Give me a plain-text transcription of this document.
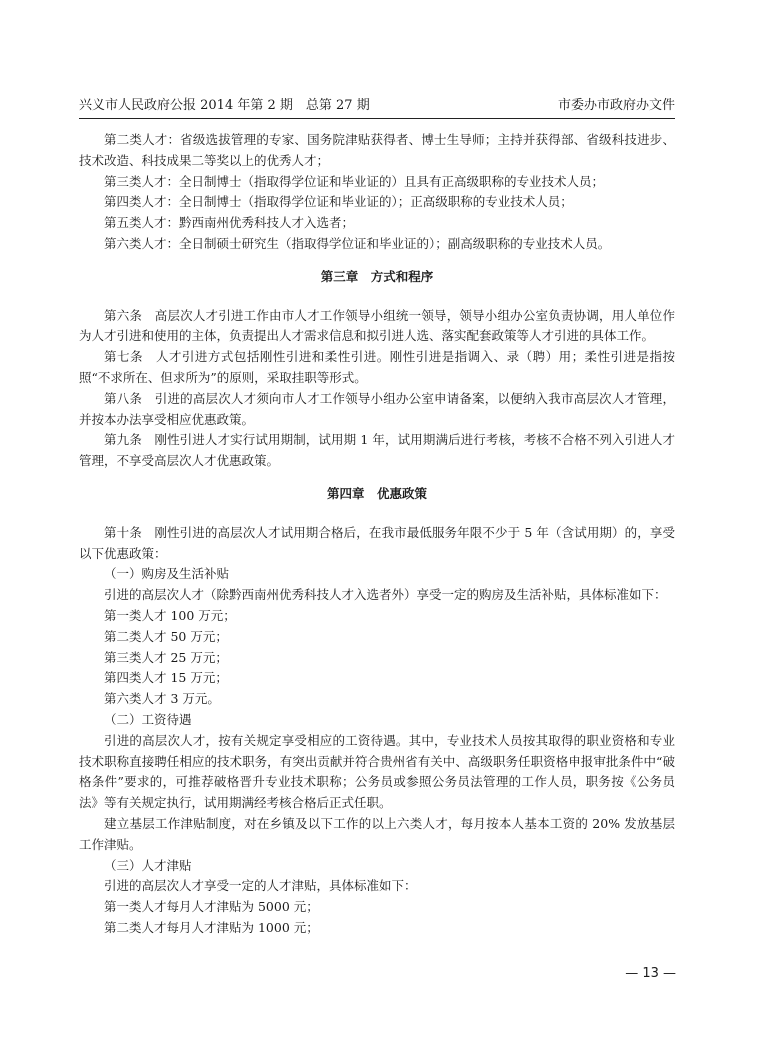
兴义市人民政府公报 2014 年第 2 期　总第 27 期	市委办市政府办文件

第二类人才：省级选拔管理的专家、国务院津贴获得者、博士生导师；主持并获得部、省级科技进步、技术改造、科技成果二等奖以上的优秀人才；

第三类人才：全日制博士（指取得学位证和毕业证的）且具有正高级职称的专业技术人员；

第四类人才：全日制博士（指取得学位证和毕业证的）；正高级职称的专业技术人员；

第五类人才：黔西南州优秀科技人才入选者；

第六类人才：全日制硕士研究生（指取得学位证和毕业证的）；副高级职称的专业技术人员。

第三章　方式和程序

第六条　高层次人才引进工作由市人才工作领导小组统一领导，领导小组办公室负责协调，用人单位作为人才引进和使用的主体，负责提出人才需求信息和拟引进人选、落实配套政策等人才引进的具体工作。

第七条　人才引进方式包括刚性引进和柔性引进。刚性引进是指调入、录（聘）用；柔性引进是指按照“不求所在、但求所为”的原则，采取挂职等形式。

第八条　引进的高层次人才须向市人才工作领导小组办公室申请备案，以便纳入我市高层次人才管理，并按本办法享受相应优惠政策。

第九条　刚性引进人才实行试用期制，试用期 1 年，试用期满后进行考核，考核不合格不列入引进人才管理，不享受高层次人才优惠政策。

第四章　优惠政策

第十条　刚性引进的高层次人才试用期合格后，在我市最低服务年限不少于 5 年（含试用期）的，享受以下优惠政策：

（一）购房及生活补贴

引进的高层次人才（除黔西南州优秀科技人才入选者外）享受一定的购房及生活补贴，具体标准如下：

第一类人才 100 万元；

第二类人才 50 万元；

第三类人才 25 万元；

第四类人才 15 万元；

第六类人才 3 万元。

（二）工资待遇

引进的高层次人才，按有关规定享受相应的工资待遇。其中，专业技术人员按其取得的职业资格和专业技术职称直接聘任相应的技术职务，有突出贡献并符合贵州省有关中、高级职务任职资格申报审批条件中“破格条件”要求的，可推荐破格晋升专业技术职称；公务员或参照公务员法管理的工作人员，职务按《公务员法》等有关规定执行，试用期满经考核合格后正式任职。

建立基层工作津贴制度，对在乡镇及以下工作的以上六类人才，每月按本人基本工资的 20% 发放基层工作津贴。

（三）人才津贴

引进的高层次人才享受一定的人才津贴，具体标准如下：

第一类人才每月人才津贴为 5000 元；

第二类人才每月人才津贴为 1000 元；

— 13 —
